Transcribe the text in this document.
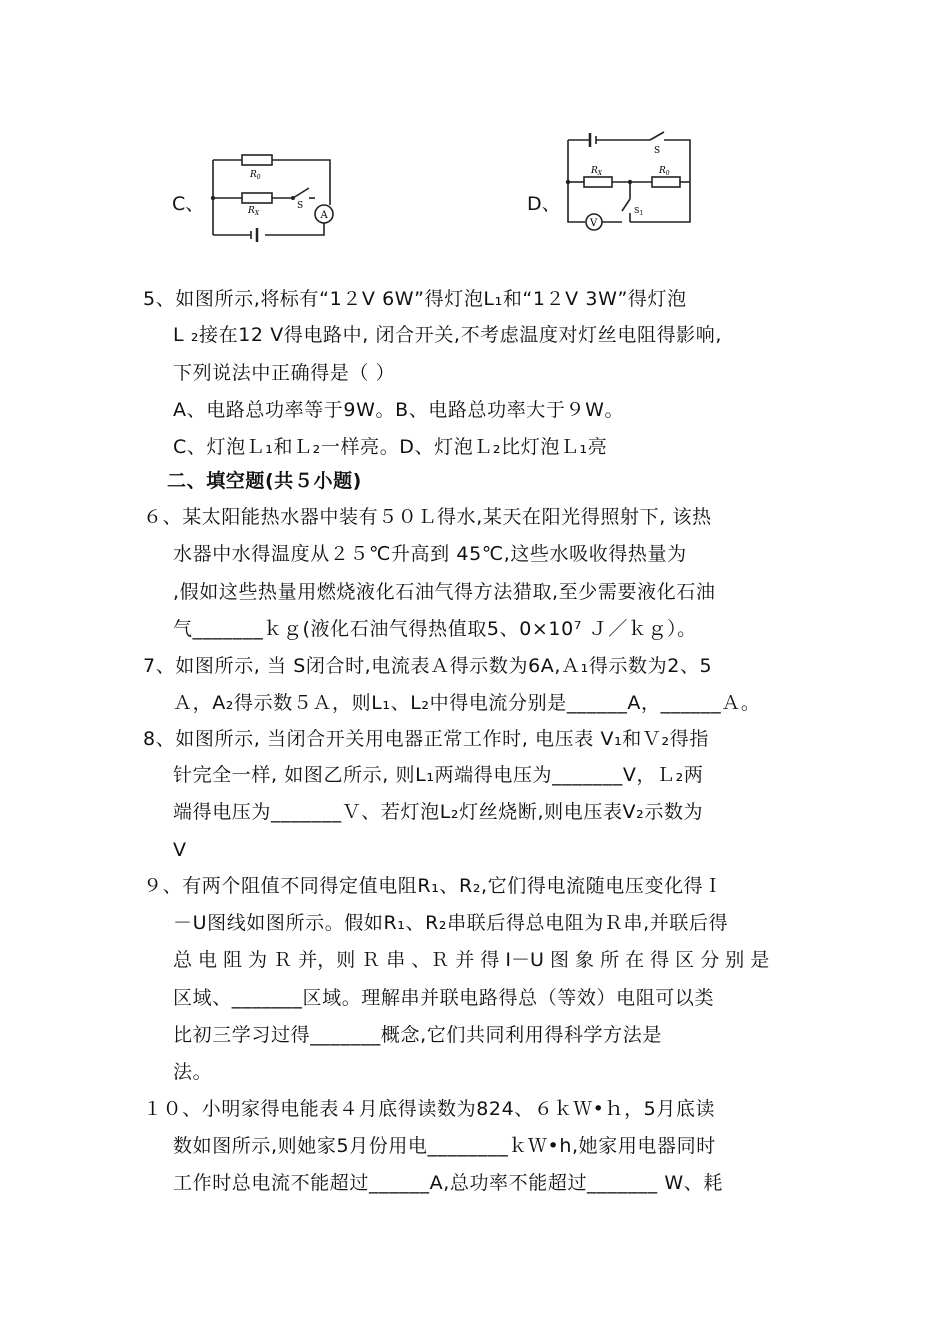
C、
$R_0$
$R_X$
S
A
D、
$R_X$	$R_0$
S
$S_1$
V
5、如图所示,将标有“1２V 6W”得灯泡L₁和“1２V 3W”得灯泡
L ₂接在12 V得电路中, 闭合开关,不考虑温度对灯丝电阻得影响,
下列说法中正确得是（ ）
A、电路总功率等于9W。B、电路总功率大于９W。
C、灯泡Ｌ₁和Ｌ₂一样亮。D、灯泡Ｌ₂比灯泡Ｌ₁亮
二、填空题(共５小题)
６、某太阳能热水器中装有５０Ｌ得水,某天在阳光得照射下, 该热
水器中水得温度从２５℃升高到 45℃,这些水吸收得热量为
,假如这些热量用燃烧液化石油气得方法猎取,至少需要液化石油
气_______ｋｇ(液化石油气得热值取5、0×10⁷ Ｊ／ｋｇ）。
7、如图所示, 当 S闭合时,电流表Ａ得示数为6A,Ａ₁得示数为2、5
Ａ，A₂得示数５Ａ，则L₁、L₂中得电流分别是______A，______Ａ。
8、如图所示, 当闭合开关用电器正常工作时, 电压表 V₁和Ｖ₂得指
针完全一样, 如图乙所示, 则L₁两端得电压为_______V，Ｌ₂两
端得电压为_______Ｖ、若灯泡L₂灯丝烧断,则电压表V₂示数为
V
９、有两个阻值不同得定值电阻R₁、R₂,它们得电流随电压变化得Ｉ
－U图线如图所示。假如R₁、R₂串联后得总电阻为Ｒ串,并联后得
总 电 阻 为 Ｒ 并，则 Ｒ 串 、Ｒ 并 得 I－U 图 象 所 在 得 区 分 别 是
区域、_______区域。理解串并联电路得总（等效）电阻可以类
比初三学习过得_______概念,它们共同利用得科学方法是
法。
１０、小明家得电能表４月底得读数为824、６ｋＷ•ｈ，5月底读
数如图所示,则她家5月份用电________ｋＷ•h,她家用电器同时
工作时总电流不能超过______A,总功率不能超过_______ W、耗
